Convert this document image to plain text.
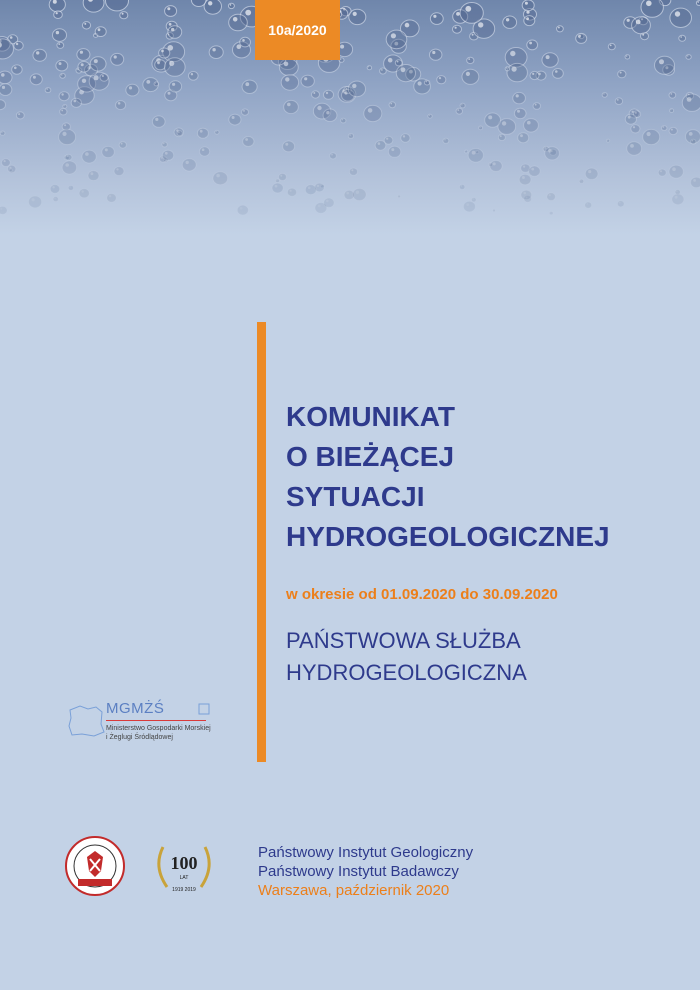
10a/2020
KOMUNIKAT
O BIEŻĄCEJ
SYTUACJI
HYDROGEOLOGICZNEJ
w okresie od 01.09.2020 do 30.09.2020
PAŃSTWOWA SŁUŻBA
HYDROGEOLOGICZNA
MGMŻŚ
Ministerstwo Gospodarki Morskiej
i Żeglugi Śródlądowej
100
LAT
1919 2019
Państwowy Instytut Geologiczny
Państwowy Instytut Badawczy
Warszawa, październik 2020
